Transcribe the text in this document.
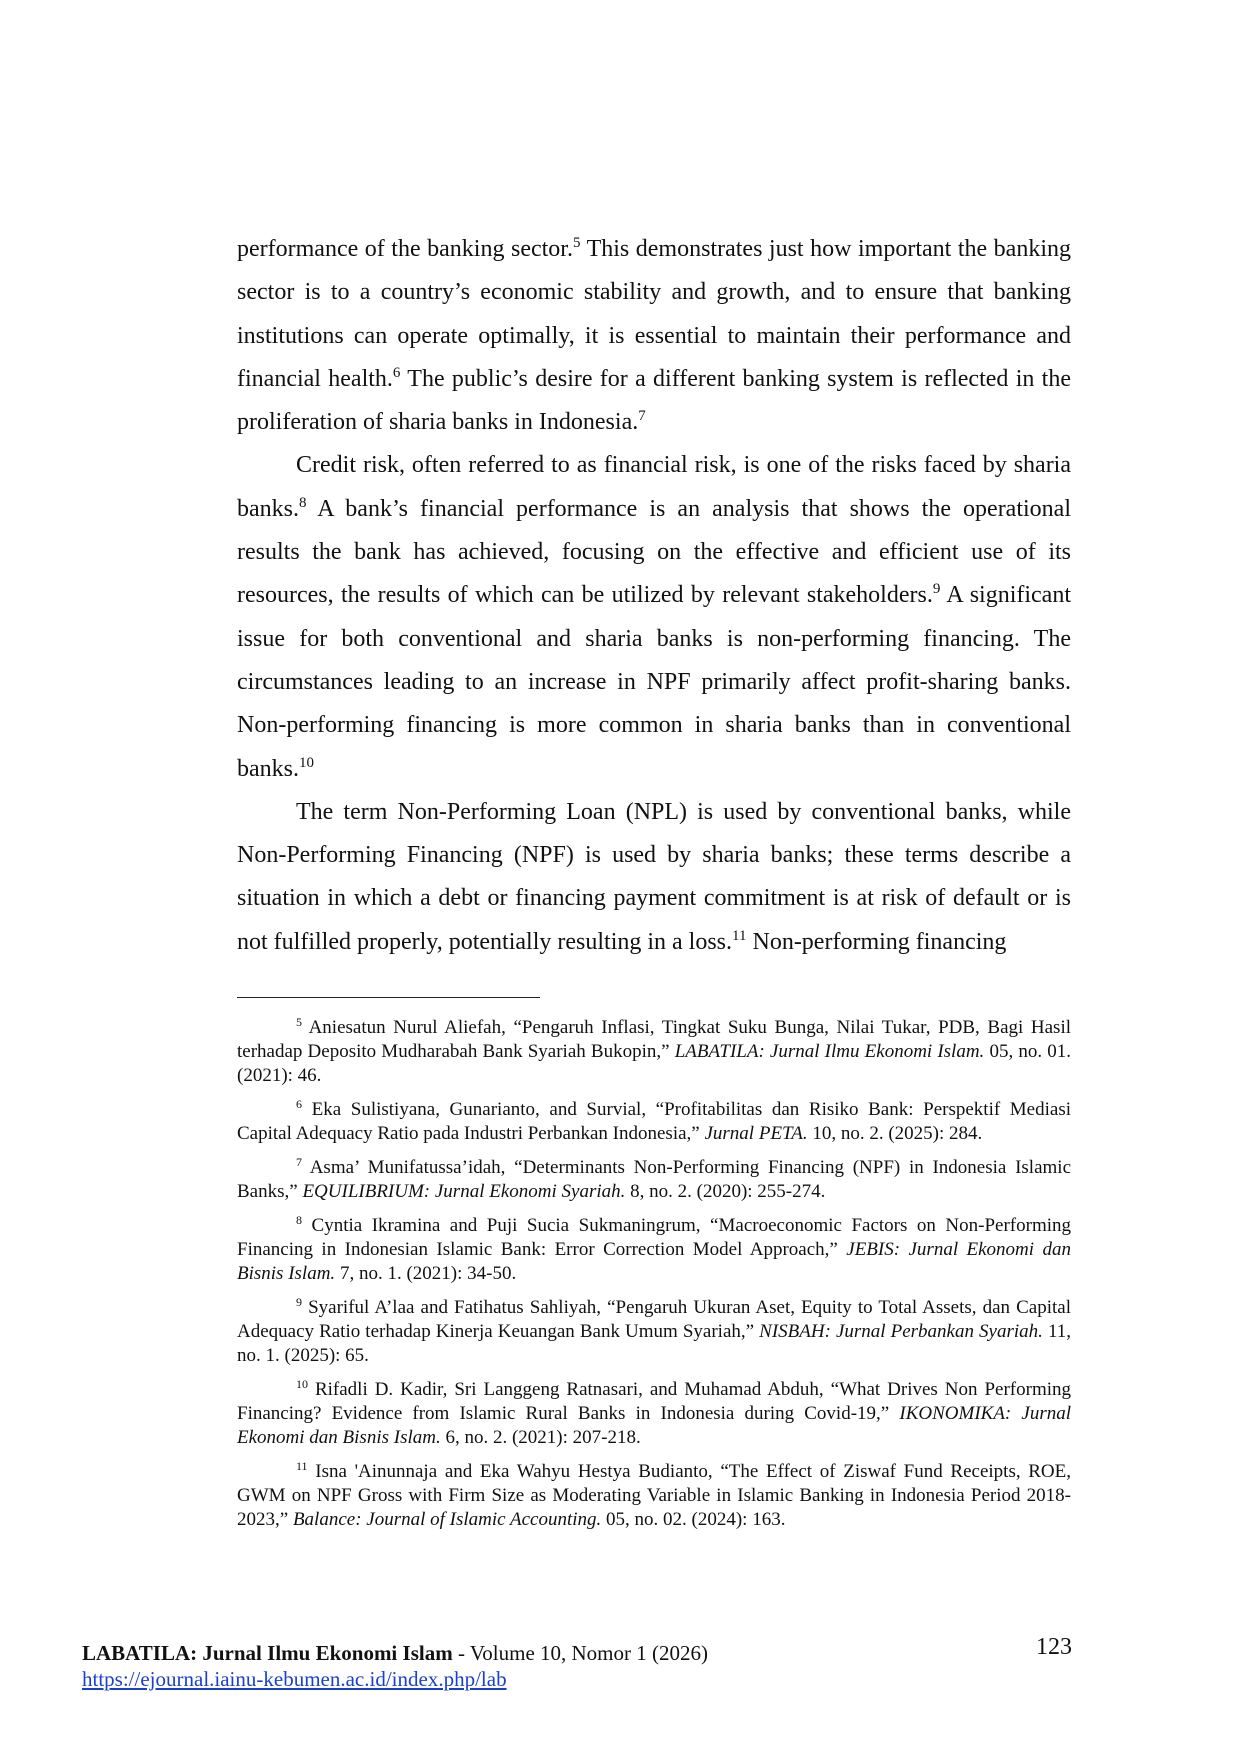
performance of the banking sector.$^5$ This demonstrates just how important the banking sector is to a country’s economic stability and growth, and to ensure that banking institutions can operate optimally, it is essential to maintain their performance and financial health.$^6$ The public’s desire for a different banking system is reflected in the proliferation of sharia banks in Indonesia.$^7$

Credit risk, often referred to as financial risk, is one of the risks faced by sharia banks.$^8$ A bank’s financial performance is an analysis that shows the operational results the bank has achieved, focusing on the effective and efficient use of its resources, the results of which can be utilized by relevant stakeholders.$^9$ A significant issue for both conventional and sharia banks is non-performing financing. The circumstances leading to an increase in NPF primarily affect profit-sharing banks. Non-performing financing is more common in sharia banks than in conventional banks.$^{10}$

The term Non-Performing Loan (NPL) is used by conventional banks, while Non-Performing Financing (NPF) is used by sharia banks; these terms describe a situation in which a debt or financing payment commitment is at risk of default or is not fulfilled properly, potentially resulting in a loss.$^{11}$ Non-performing financing

$^5$ Aniesatun Nurul Aliefah, “Pengaruh Inflasi, Tingkat Suku Bunga, Nilai Tukar, PDB, Bagi Hasil terhadap Deposito Mudharabah Bank Syariah Bukopin,” LABATILA: Jurnal Ilmu Ekonomi Islam. 05, no. 01. (2021): 46.

$^6$ Eka Sulistiyana, Gunarianto, and Survial, “Profitabilitas dan Risiko Bank: Perspektif Mediasi Capital Adequacy Ratio pada Industri Perbankan Indonesia,” Jurnal PETA. 10, no. 2. (2025): 284.

$^7$ Asma’ Munifatussa’idah, “Determinants Non-Performing Financing (NPF) in Indonesia Islamic Banks,” EQUILIBRIUM: Jurnal Ekonomi Syariah. 8, no. 2. (2020): 255-274.

$^8$ Cyntia Ikramina and Puji Sucia Sukmaningrum, “Macroeconomic Factors on Non-Performing Financing in Indonesian Islamic Bank: Error Correction Model Approach,” JEBIS: Jurnal Ekonomi dan Bisnis Islam. 7, no. 1. (2021): 34-50.

$^9$ Syariful A’laa and Fatihatus Sahliyah, “Pengaruh Ukuran Aset, Equity to Total Assets, dan Capital Adequacy Ratio terhadap Kinerja Keuangan Bank Umum Syariah,” NISBAH: Jurnal Perbankan Syariah. 11, no. 1. (2025): 65.

$^{10}$ Rifadli D. Kadir, Sri Langgeng Ratnasari, and Muhamad Abduh, “What Drives Non Performing Financing? Evidence from Islamic Rural Banks in Indonesia during Covid-19,” IKONOMIKA: Jurnal Ekonomi dan Bisnis Islam. 6, no. 2. (2021): 207-218.

$^{11}$ Isna 'Ainunnaja and Eka Wahyu Hestya Budianto, “The Effect of Ziswaf Fund Receipts, ROE, GWM on NPF Gross with Firm Size as Moderating Variable in Islamic Banking in Indonesia Period 2018-2023,” Balance: Journal of Islamic Accounting. 05, no. 02. (2024): 163.

LABATILA: Jurnal Ilmu Ekonomi Islam - Volume 10, Nomor 1 (2026)
https://ejournal.iainu-kebumen.ac.id/index.php/lab
123
